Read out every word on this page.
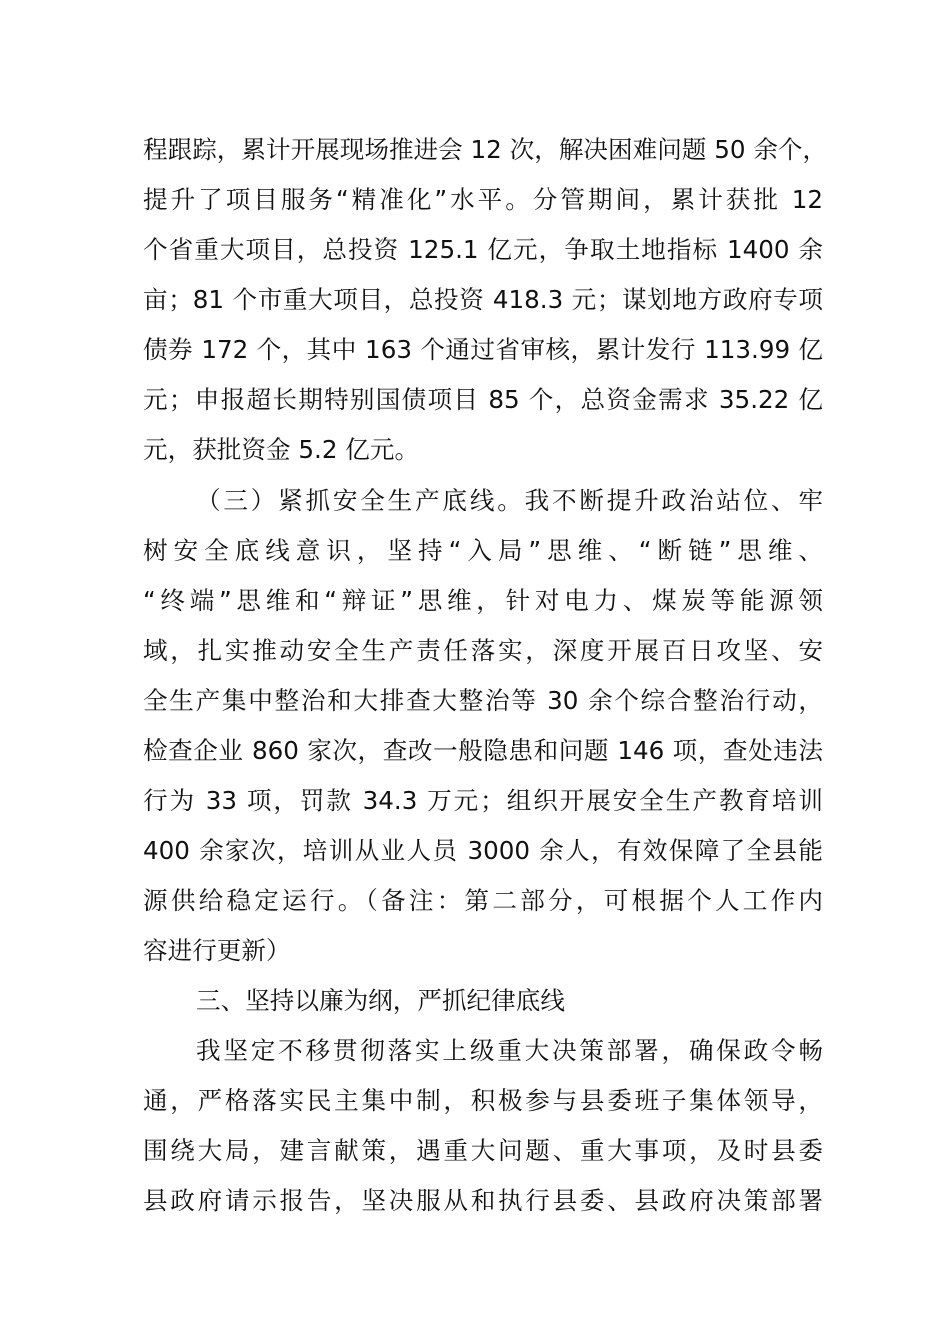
程跟踪，累计开展现场推进会 12 次，解决困难问题 50 余个，
提升了项目服务“精准化”水平。分管期间，累计获批 12
个省重大项目，总投资 125.1 亿元，争取土地指标 1400 余
亩；81 个市重大项目，总投资 418.3 元；谋划地方政府专项
债券 172 个，其中 163 个通过省审核，累计发行 113.99 亿
元；申报超长期特别国债项目 85 个，总资金需求 35.22 亿
元，获批资金 5.2 亿元。
（三）紧抓安全生产底线。我不断提升政治站位、牢
树安全底线意识，坚持“入局”思维、“断链”思维、
“终端”思维和“辩证”思维，针对电力、煤炭等能源领
域，扎实推动安全生产责任落实，深度开展百日攻坚、安
全生产集中整治和大排查大整治等 30 余个综合整治行动，
检查企业 860 家次，查改一般隐患和问题 146 项，查处违法
行为 33 项，罚款 34.3 万元；组织开展安全生产教育培训
400 余家次，培训从业人员 3000 余人，有效保障了全县能
源供给稳定运行。（备注：第二部分，可根据个人工作内
容进行更新）
三、坚持以廉为纲，严抓纪律底线
我坚定不移贯彻落实上级重大决策部署，确保政令畅
通，严格落实民主集中制，积极参与县委班子集体领导，
围绕大局，建言献策，遇重大问题、重大事项，及时县委
县政府请示报告，坚决服从和执行县委、县政府决策部署
